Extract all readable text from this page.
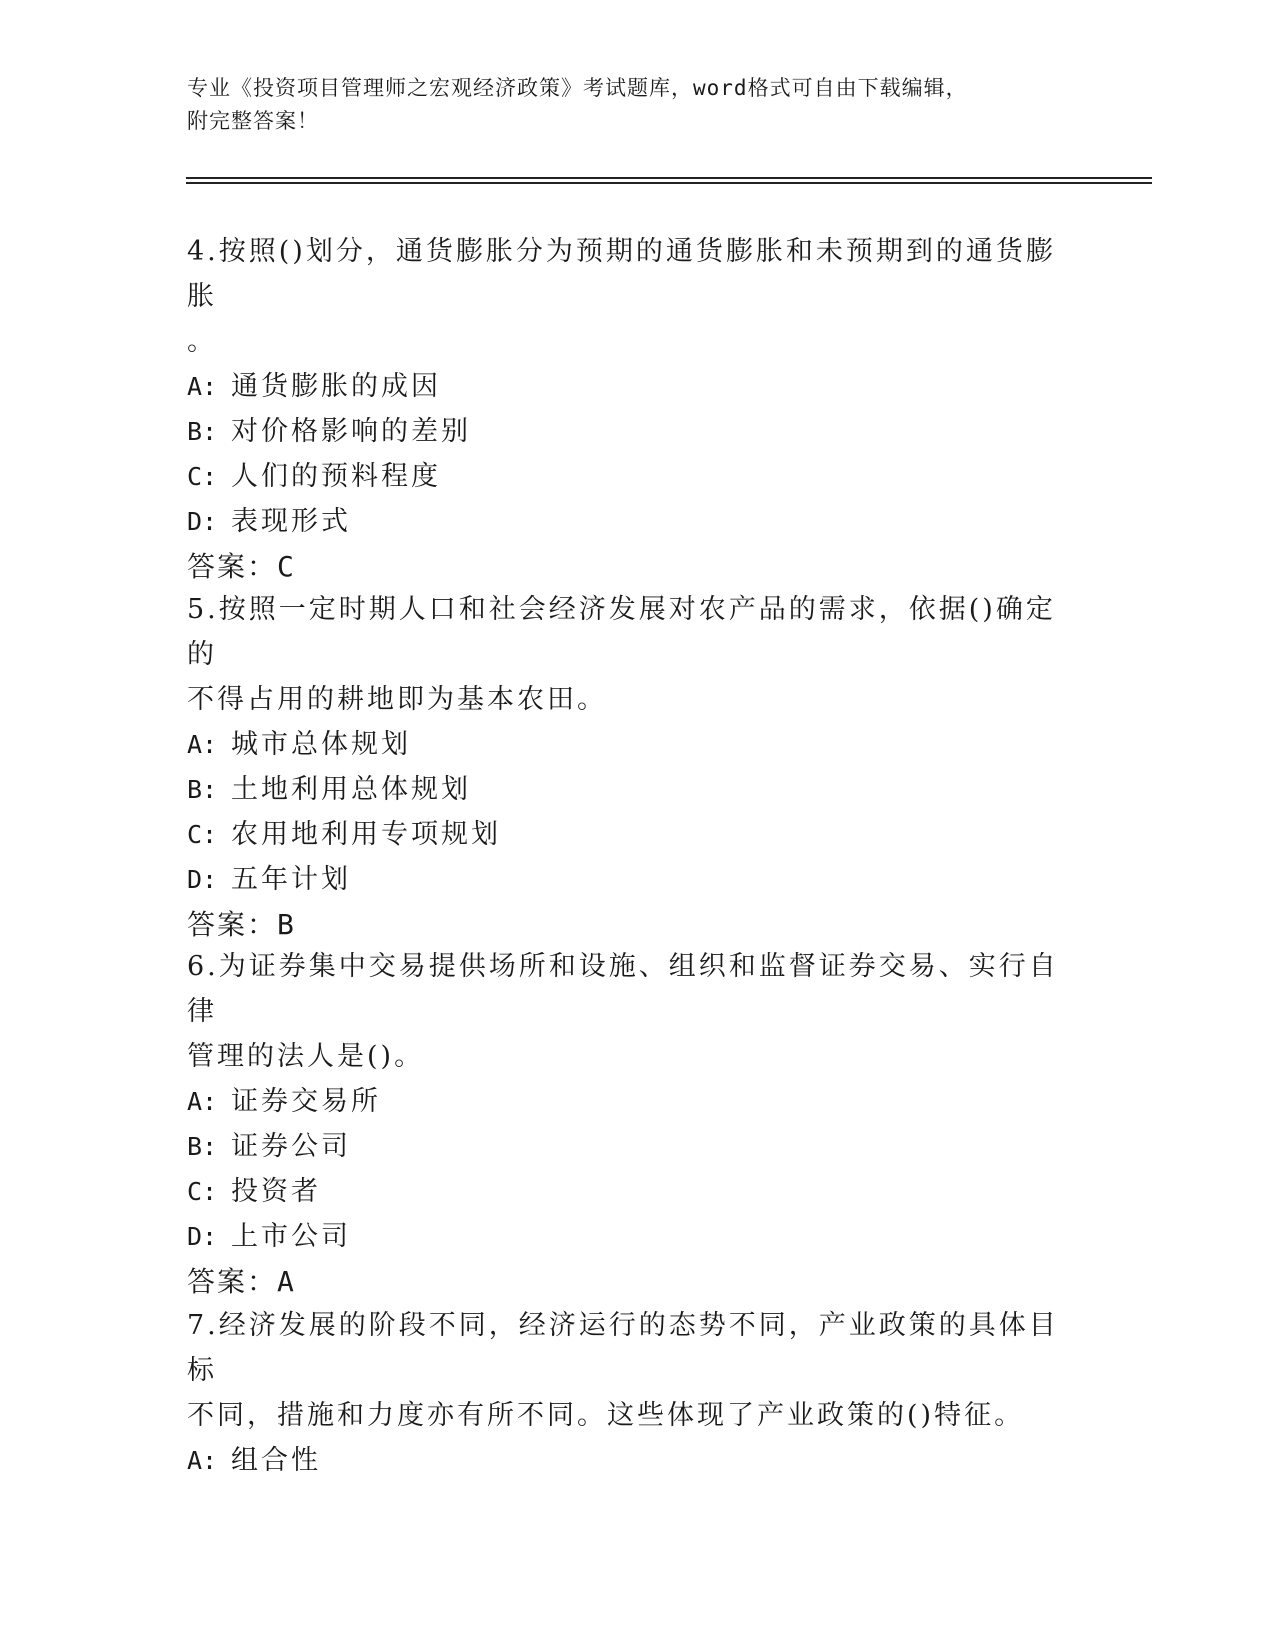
专业《投资项目管理师之宏观经济政策》考试题库，word格式可自由下载编辑，
附完整答案！

4.按照()划分，通货膨胀分为预期的通货膨胀和未预期到的通货膨胀
。

A: 通货膨胀的成因
B: 对价格影响的差别
C: 人们的预料程度
D: 表现形式
答案：C

5.按照一定时期人口和社会经济发展对农产品的需求，依据()确定的
不得占用的耕地即为基本农田。

A: 城市总体规划
B: 土地利用总体规划
C: 农用地利用专项规划
D: 五年计划
答案：B

6.为证券集中交易提供场所和设施、组织和监督证券交易、实行自律
管理的法人是()。

A: 证券交易所
B: 证券公司
C: 投资者
D: 上市公司
答案：A

7.经济发展的阶段不同，经济运行的态势不同，产业政策的具体目标
不同，措施和力度亦有所不同。这些体现了产业政策的()特征。

A: 组合性
